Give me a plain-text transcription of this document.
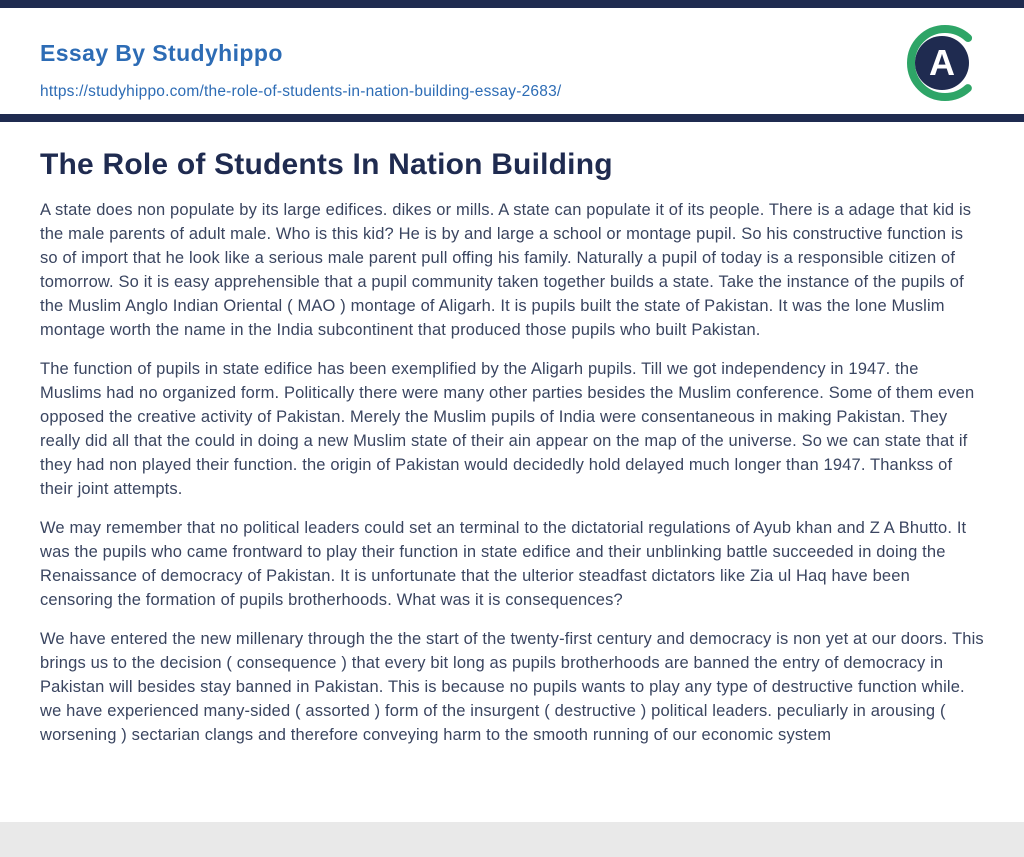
Essay By Studyhippo
https://studyhippo.com/the-role-of-students-in-nation-building-essay-2683/
A
The Role of Students In Nation Building

A state does non populate by its large edifices. dikes or mills. A state can populate it of its people. There is a adage that kid is the male parents of adult male. Who is this kid? He is by and large a school or montage pupil. So his constructive function is so of import that he look like a serious male parent pull offing his family. Naturally a pupil of today is a responsible citizen of tomorrow. So it is easy apprehensible that a pupil community taken together builds a state. Take the instance of the pupils of the Muslim Anglo Indian Oriental ( MAO ) montage of Aligarh. It is pupils built the state of Pakistan. It was the lone Muslim montage worth the name in the India subcontinent that produced those pupils who built Pakistan.

The function of pupils in state edifice has been exemplified by the Aligarh pupils. Till we got independency in 1947. the Muslims had no organized form. Politically there were many other parties besides the Muslim conference. Some of them even opposed the creative activity of Pakistan. Merely the Muslim pupils of India were consentaneous in making Pakistan. They really did all that the could in doing a new Muslim state of their ain appear on the map of the universe. So we can state that if they had non played their function. the origin of Pakistan would decidedly hold delayed much longer than 1947. Thankss of their joint attempts.

We may remember that no political leaders could set an terminal to the dictatorial regulations of Ayub khan and Z A Bhutto. It was the pupils who came frontward to play their function in state edifice and their unblinking battle succeeded in doing the Renaissance of democracy of Pakistan. It is unfortunate that the ulterior steadfast dictators like Zia ul Haq have been censoring the formation of pupils brotherhoods. What was it is consequences?

We have entered the new millenary through the the start of the twenty-first century and democracy is non yet at our doors. This brings us to the decision ( consequence ) that every bit long as pupils brotherhoods are banned the entry of democracy in Pakistan will besides stay banned in Pakistan. This is because no pupils wants to play any type of destructive function while. we have experienced many-sided ( assorted ) form of the insurgent ( destructive ) political leaders. peculiarly in arousing ( worsening ) sectarian clangs and therefore conveying harm to the smooth running of our economic system
